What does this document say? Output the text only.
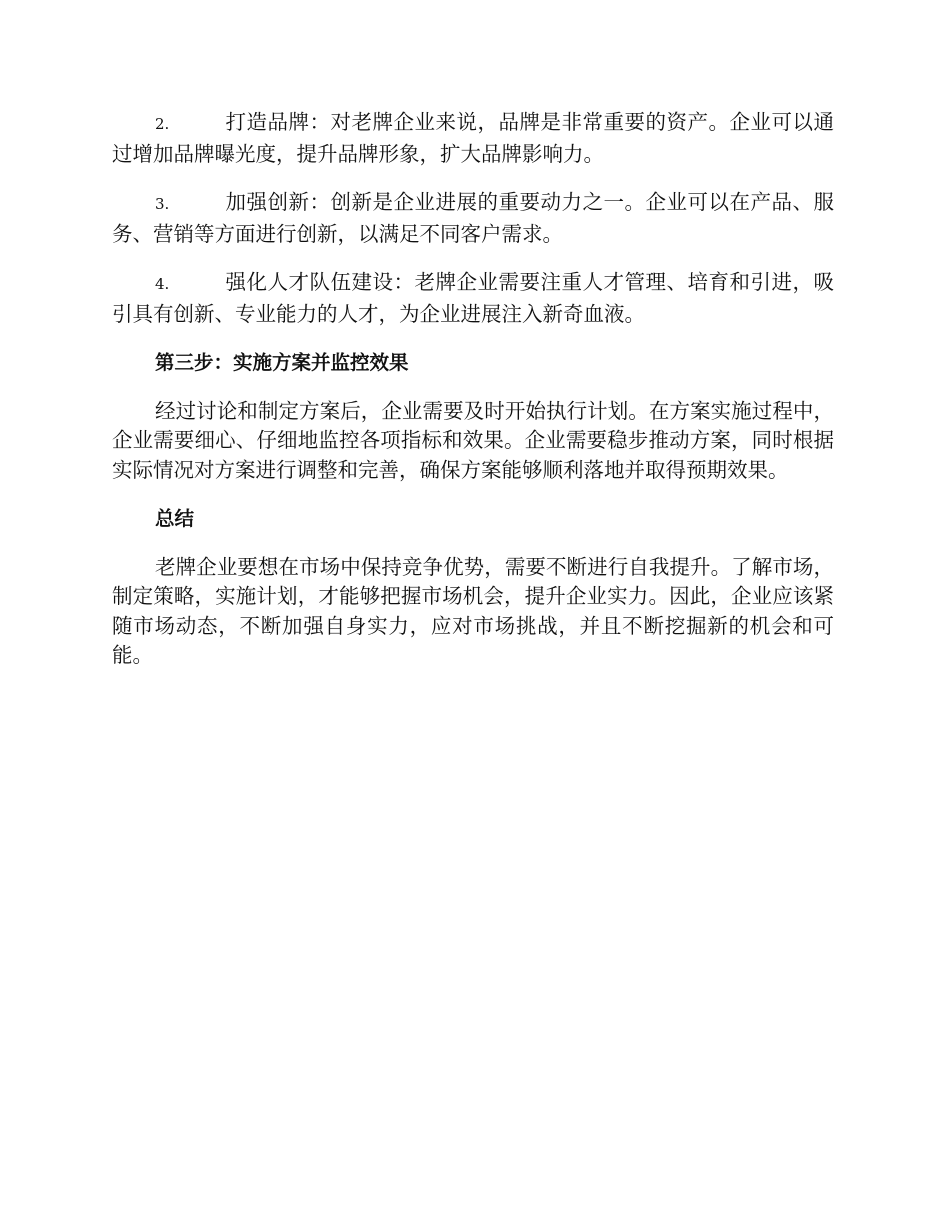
2.	打造品牌：对老牌企业来说，品牌是非常重要的资产。企业可以通过增加品牌曝光度，提升品牌形象，扩大品牌影响力。

3.	加强创新：创新是企业进展的重要动力之一。企业可以在产品、服务、营销等方面进行创新，以满足不同客户需求。

4.	强化人才队伍建设：老牌企业需要注重人才管理、培育和引进，吸引具有创新、专业能力的人才，为企业进展注入新奇血液。

第三步：实施方案并监控效果

经过讨论和制定方案后，企业需要及时开始执行计划。在方案实施过程中，企业需要细心、仔细地监控各项指标和效果。企业需要稳步推动方案，同时根据实际情况对方案进行调整和完善，确保方案能够顺利落地并取得预期效果。

总结

老牌企业要想在市场中保持竞争优势，需要不断进行自我提升。了解市场，制定策略，实施计划，才能够把握市场机会，提升企业实力。因此，企业应该紧随市场动态，不断加强自身实力，应对市场挑战，并且不断挖掘新的机会和可能。
